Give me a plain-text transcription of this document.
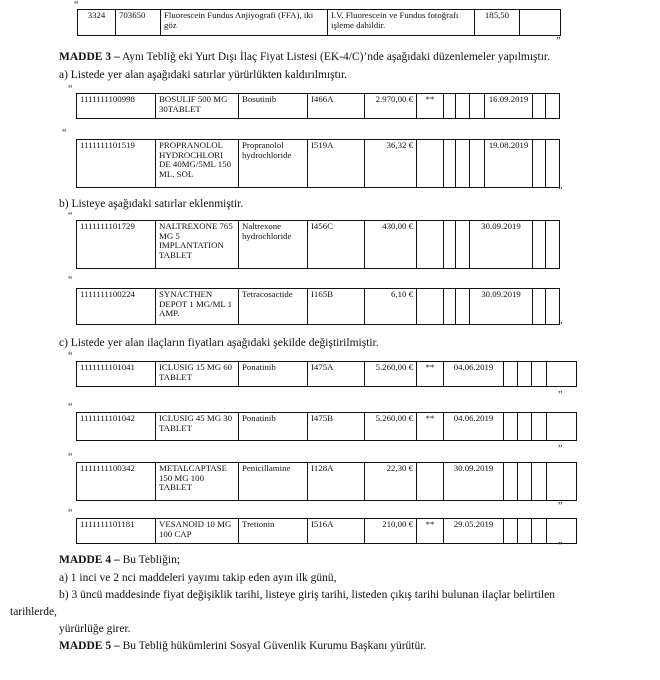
“
3324	703650	Fluorescein Fundus Anjiyografi (FFA), iki göz	I.V. Fluorescein ve Fundus fotoğrafı işleme dahildir.	185,50	
”
MADDE 3 – Aynı Tebliğ eki Yurt Dışı İlaç Fiyat Listesi (EK-4/C)’nde aşağıdaki düzenlemeler yapılmıştır.
a) Listede yer alan aşağıdaki satırlar yürürlükten kaldırılmıştır.
“
1111111100998	BOSULIF 500 MG 30TABLET	Bosutinib	I466A	2.970,00 €	**				16.09.2019		
“
1111111101519	PROPRANOLOL HYDROCHLORI DE 40MG/5ML 150 ML. SOL	Propranolol hydrochloride	I519A	36,32 €					19.08.2019		
”
b) Listeye aşağıdaki satırlar eklenmiştir.
“
1111111101729	NALTREXONE 765 MG 5 IMPLANTATION TABLET	Naltrexone hydrochloride	I456C	430,00 €				30.09.2019		
“
1111111100224	SYNACTHEN DEPOT 1 MG/ML 1 AMP.	Tetracosactide	I165B	6,10 €				30.09.2019		
”
c) Listede yer alan ilaçların fiyatları aşağıdaki şekilde değiştirilmiştir.
“
1111111101041	ICLUSIG 15 MG 60 TABLET	Ponatinib	I475A	5.260,00 €	**	04.06.2019				
”
“
1111111101042	ICLUSIG 45 MG 30 TABLET	Ponatinib	I475B	5.260,00 €	**	04.06.2019				
”
“
1111111100342	METALCAPTASE 150 MG 100 TABLET	Penicillamine	I128A	22,30 €		30.09.2019				
”
“
1111111101181	VESANOID 10 MG 100 CAP	Tretionin	I516A	210,00 €	**	29.05.2019				
”
MADDE 4 – Bu Tebliğin;
a) 1 inci ve 2 nci maddeleri yayımı takip eden ayın ilk günü,
b) 3 üncü maddesinde fiyat değişiklik tarihi, listeye giriş tarihi, listeden çıkış tarihi bulunan ilaçlar belirtilen
tarihlerde,
yürürlüğe girer.
MADDE 5 – Bu Tebliğ hükümlerini Sosyal Güvenlik Kurumu Başkanı yürütür.
